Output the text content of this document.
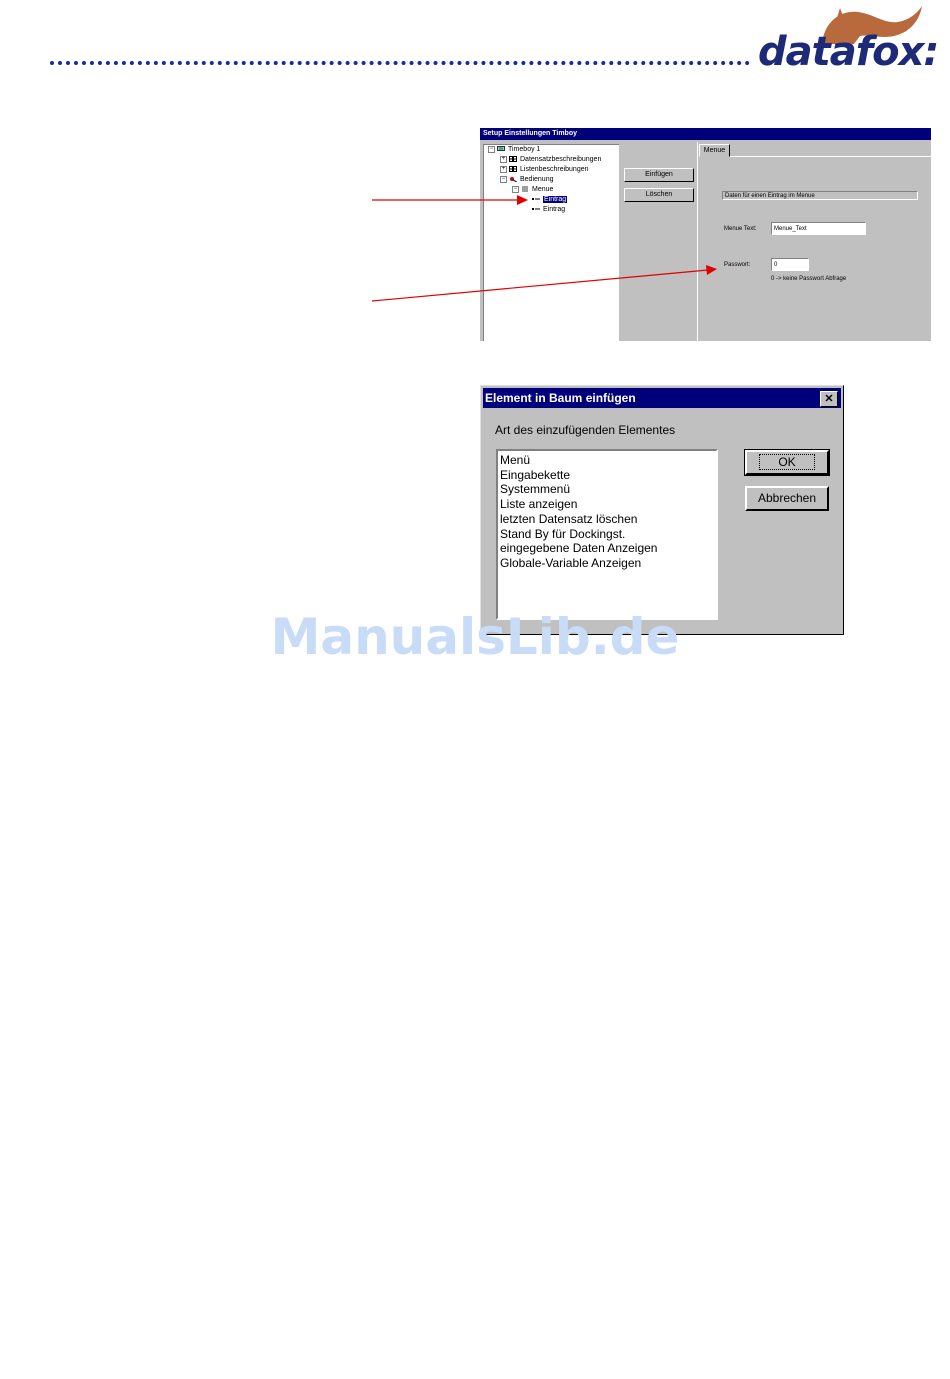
datafox:
Setup Einstellungen Timboy
− Timeboy 1
+ Datensatzbeschreibungen
+ Listenbeschreibungen
− Bedienung
− Menue
Eintrag
Eintrag
Einfügen
Löschen
Menue
Daten für einen Eintrag im Menue
Menue Text:	Menue_Text
Passwort:	0
0 -> keine Passwort Abfrage
Element in Baum einfügen	✕
Art des einzufügenden Elementes
Menü
Eingabekette
Systemmenü
Liste anzeigen
letzten Datensatz löschen
Stand By für Dockingst.
eingegebene Daten Anzeigen
Globale-Variable Anzeigen
OK
Abbrechen
ManualsLib.de
